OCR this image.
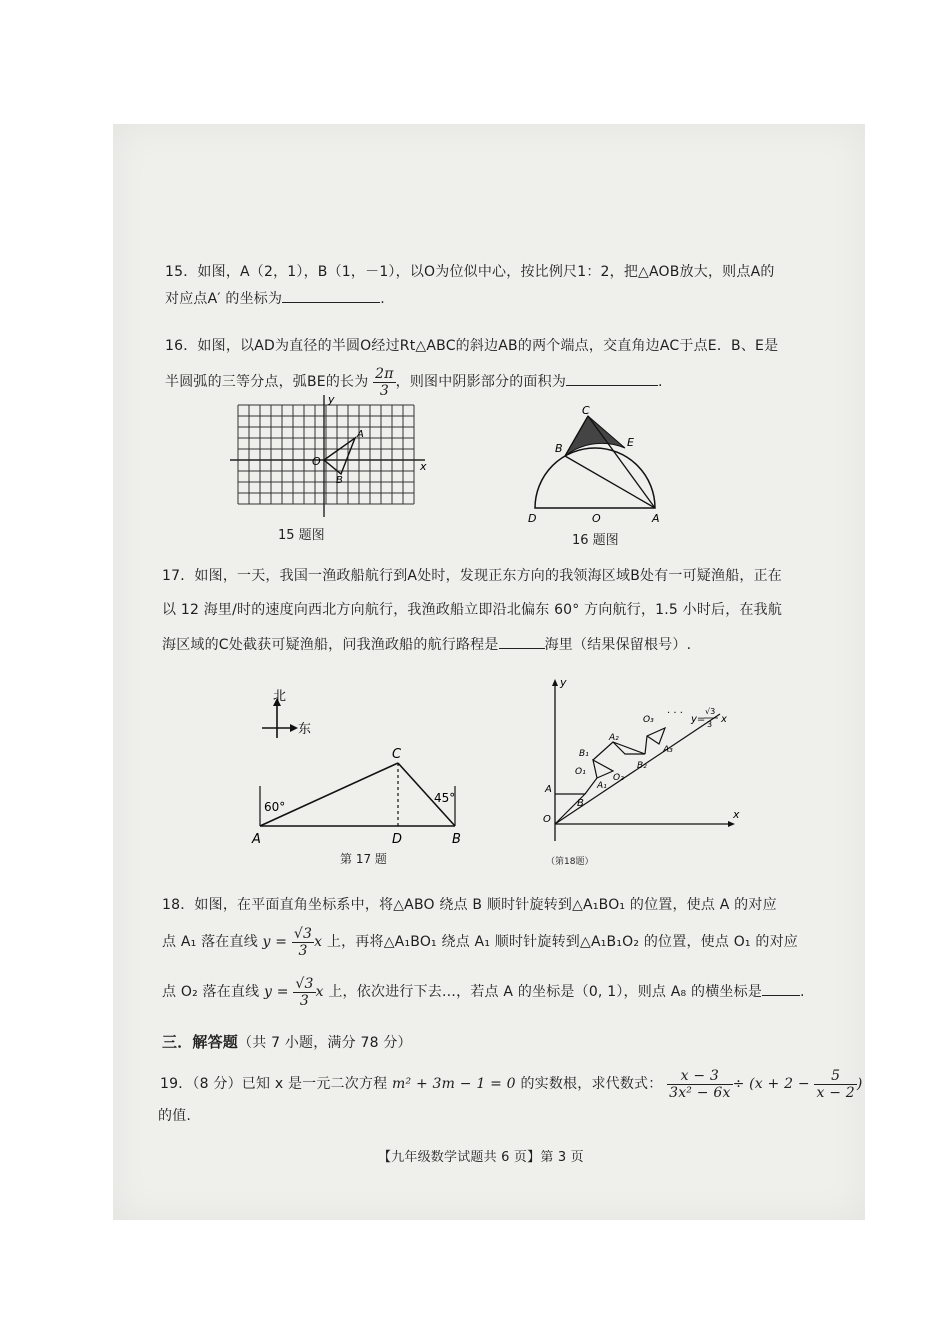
15．如图，A（2，1），B（1，－1），以O为位似中心，按比例尺1：2，把△AOB放大，则点A的
对应点A′ 的坐标为	.
16．如图，以AD为直径的半圆O经过Rt△ABC的斜边AB的两个端点，交直角边AC于点E．B、E是
半圆弧的三等分点，弧BE的长为 $\frac{2\pi}{3}$ ，则图中阴影部分的面积为	.
y
x
O
A
B
15 题图
C
B	E
D	O	A
16 题图
17．如图，一天，我国一渔政船航行到A处时，发现正东方向的我领海区域B处有一可疑渔船，正在
以 12 海里/时的速度向西北方向航行，我渔政船立即沿北偏东 60° 方向航行，1.5 小时后，在我航
海区域的C处截获可疑渔船，问我渔政船的航行路程是	海里（结果保留根号）.
北
东
60°
45°
A	B
C
D
第 17 题
y
x
O
A
B
A₁
B₁
O₁
A₂
O₂
B₂
A₃
O₃
· · ·
y=
√3
3 x
（第18题）
18．如图，在平面直角坐标系中，将△ABO 绕点 B 顺时针旋转到△A₁BO₁ 的位置，使点 A 的对应
点 A₁ 落在直线 $y = \frac{√3}{3}$ x 上，再将△A₁BO₁ 绕点 A₁ 顺时针旋转到△A₁B₁O₂ 的位置，使点 O₁ 的对应
点 O₂ 落在直线 $y = \frac{√3}{3}$ x 上，依次进行下去…，若点 A 的坐标是（0, 1），则点 A₈ 的横坐标是	.
三．解答题（共 7 小题，满分 78 分）
19．（8 分）已知 x 是一元二次方程 m² + 3m − 1 = 0 的实数根，求代数式： $\frac{x - 3}{\text{3x² − 6x}} \div (x + 2 - \frac{5}{x - 2}$ )
的值.
【九年级数学试题共 6 页】第 3 页
